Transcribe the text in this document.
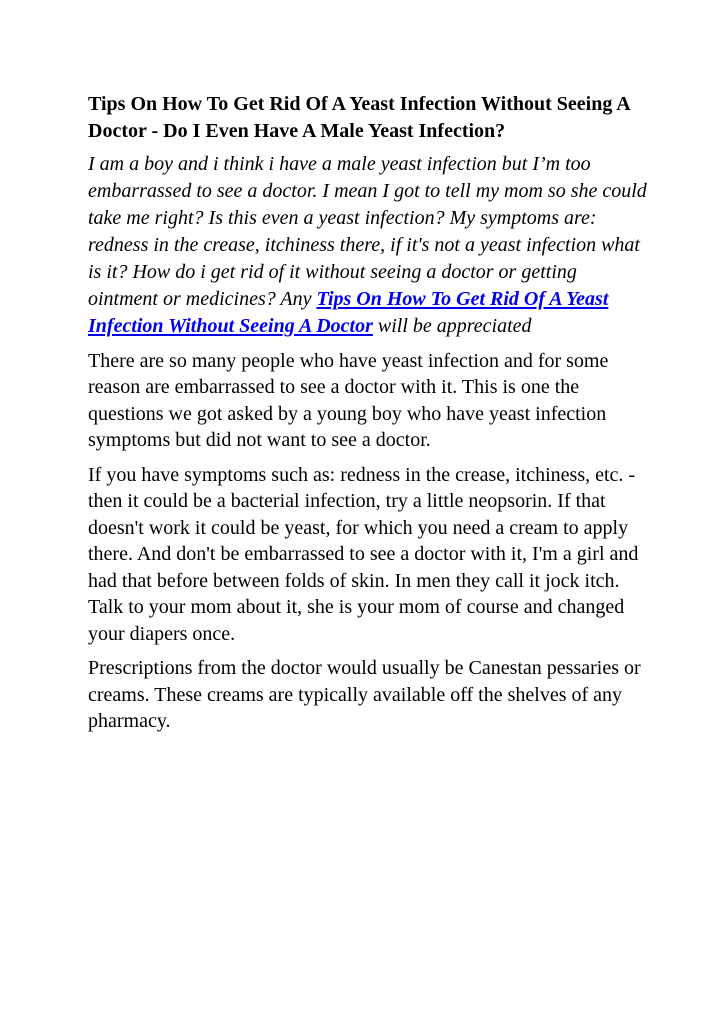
Tips On How To Get Rid Of A Yeast Infection Without Seeing A Doctor - Do I Even Have A Male Yeast Infection?

I am a boy and i think i have a male yeast infection but I’m too embarrassed to see a doctor. I mean I got to tell my mom so she could take me right? Is this even a yeast infection? My symptoms are: redness in the crease, itchiness there, if it's not a yeast infection what is it? How do i get rid of it without seeing a doctor or getting ointment or medicines? Any Tips On How To Get Rid Of A Yeast Infection Without Seeing A Doctor will be appreciated

There are so many people who have yeast infection and for some reason are embarrassed to see a doctor with it. This is one the questions we got asked by a young boy who have yeast infection symptoms but did not want to see a doctor.

If you have symptoms such as: redness in the crease, itchiness, etc. - then it could be a bacterial infection, try a little neopsorin. If that doesn't work it could be yeast, for which you need a cream to apply there. And don't be embarrassed to see a doctor with it, I'm a girl and had that before between folds of skin. In men they call it jock itch. Talk to your mom about it, she is your mom of course and changed your diapers once.

Prescriptions from the doctor would usually be Canestan pessaries or creams. These creams are typically available off the shelves of any pharmacy.
